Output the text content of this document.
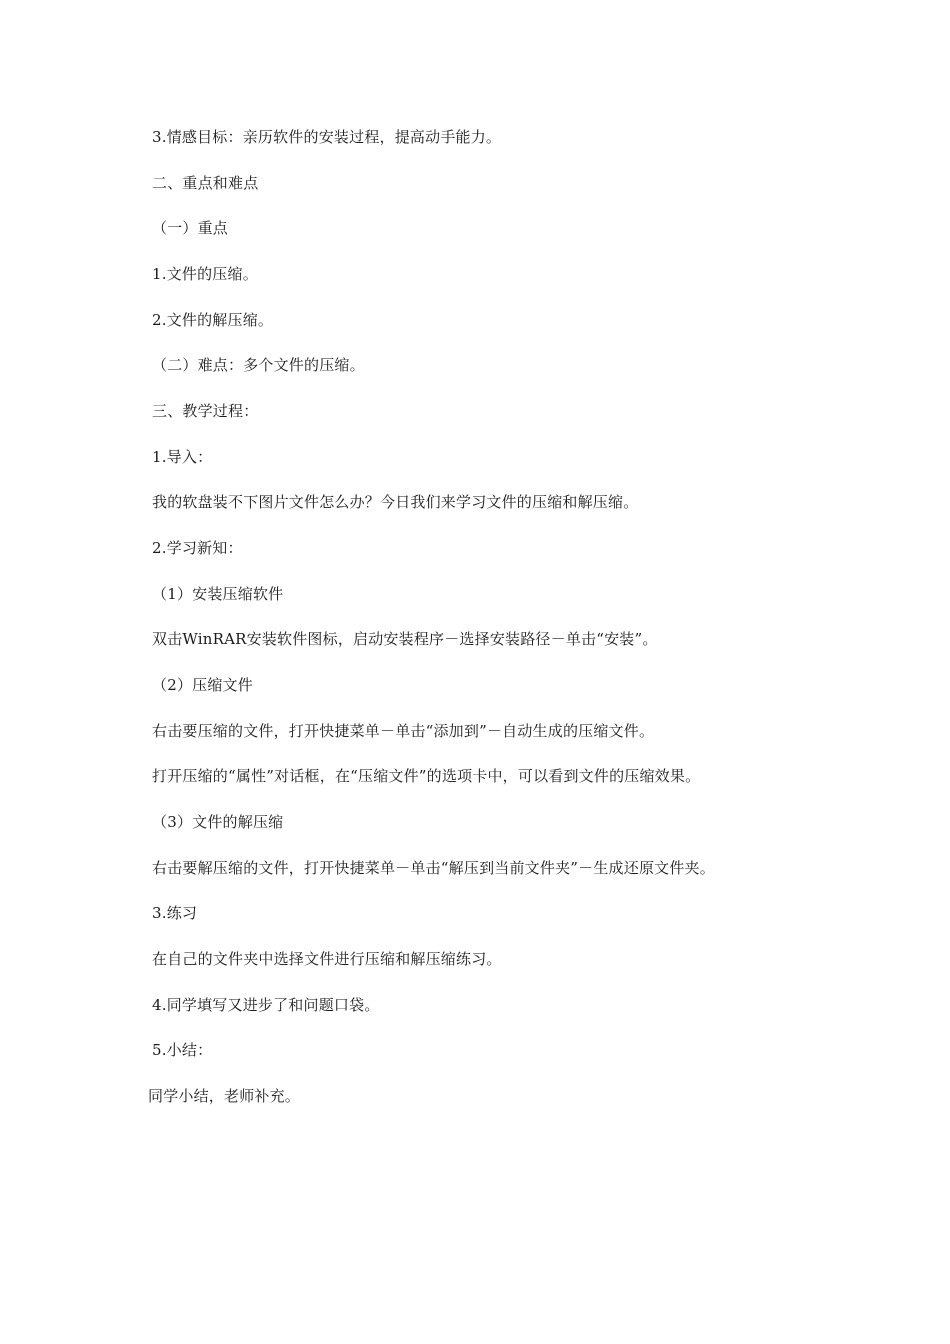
3.情感目标：亲历软件的安装过程，提高动手能力。
二、重点和难点
（一）重点
1.文件的压缩。
2.文件的解压缩。
（二）难点：多个文件的压缩。
三、教学过程：
1.导入：
我的软盘装不下图片文件怎么办？今日我们来学习文件的压缩和解压缩。
2.学习新知：
（1）安装压缩软件
双击WinRAR安装软件图标，启动安装程序－选择安装路径－单击“安装”。
（2）压缩文件
右击要压缩的文件，打开快捷菜单－单击“添加到”－自动生成的压缩文件。
打开压缩的“属性”对话框，在“压缩文件”的选项卡中，可以看到文件的压缩效果。
（3）文件的解压缩
右击要解压缩的文件，打开快捷菜单－单击“解压到当前文件夹”－生成还原文件夹。
3.练习
在自己的文件夹中选择文件进行压缩和解压缩练习。
4.同学填写又进步了和问题口袋。
5.小结：
同学小结，老师补充。
